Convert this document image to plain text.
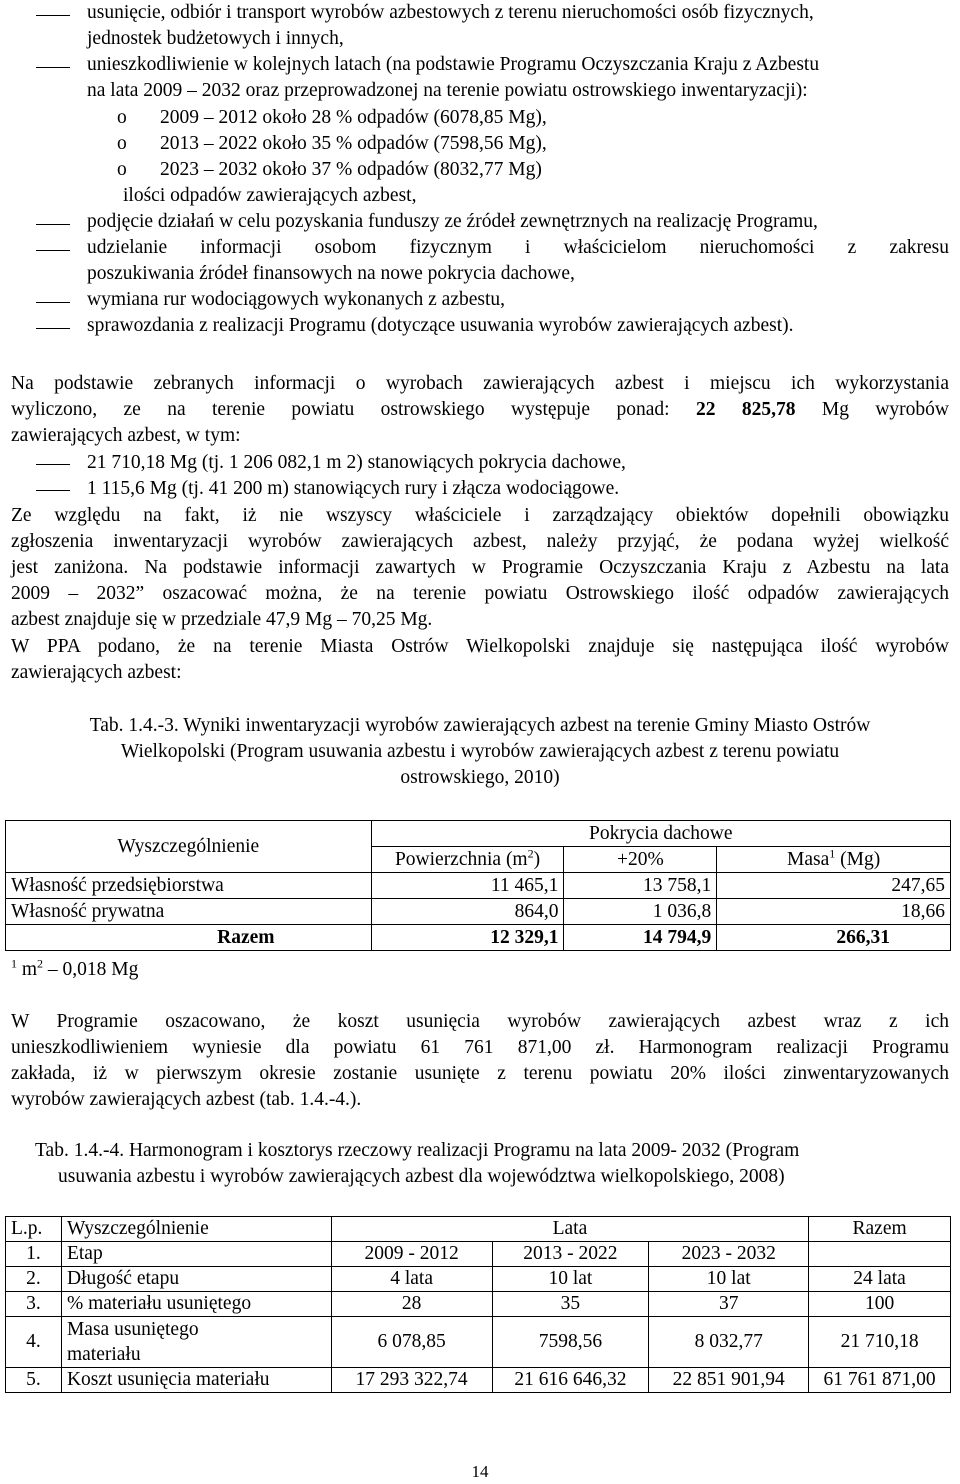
usunięcie, odbiór i transport wyrobów azbestowych z terenu nieruchomości osób fizycznych,
jednostek budżetowych i innych,
unieszkodliwienie w kolejnych latach (na podstawie Programu Oczyszczania Kraju z Azbestu
na lata 2009 – 2032 oraz przeprowadzonej na terenie powiatu ostrowskiego inwentaryzacji):
o 2009 – 2012 około 28 % odpadów (6078,85 Mg),
o 2013 – 2022 około 35 % odpadów (7598,56 Mg),
o 2023 – 2032 około 37 % odpadów (8032,77 Mg)
ilości odpadów zawierających azbest,
podjęcie działań w celu pozyskania funduszy ze źródeł zewnętrznych na realizację Programu,
udzielanie informacji osobom fizycznym i właścicielom nieruchomości z zakresu
poszukiwania źródeł finansowych na nowe pokrycia dachowe,
wymiana rur wodociągowych wykonanych z azbestu,
sprawozdania z realizacji Programu (dotyczące usuwania wyrobów zawierających azbest).
Na podstawie zebranych informacji o wyrobach zawierających azbest i miejscu ich wykorzystania
wyliczono, ze na terenie powiatu ostrowskiego występuje ponad: 22 825,78 Mg wyrobów
zawierających azbest, w tym:
21 710,18 Mg (tj. 1 206 082,1 m 2) stanowiących pokrycia dachowe,
1 115,6 Mg (tj. 41 200 m) stanowiących rury i złącza wodociągowe.
Ze względu na fakt, iż nie wszyscy właściciele i zarządzający obiektów dopełnili obowiązku
zgłoszenia inwentaryzacji wyrobów zawierających azbest, należy przyjąć, że podana wyżej wielkość
jest zaniżona. Na podstawie informacji zawartych w Programie Oczyszczania Kraju z Azbestu na lata
2009 – 2032” oszacować można, że na terenie powiatu Ostrowskiego ilość odpadów zawierających
azbest znajduje się w przedziale 47,9 Mg – 70,25 Mg.
W PPA podano, że na terenie Miasta Ostrów Wielkopolski znajduje się następująca ilość wyrobów
zawierających azbest:
Tab. 1.4.-3. Wyniki inwentaryzacji wyrobów zawierających azbest na terenie Gminy Miasto Ostrów
Wielkopolski (Program usuwania azbestu i wyrobów zawierających azbest z terenu powiatu
ostrowskiego, 2010)
Wyszczególnienie	Pokrycia dachowe		
	Powierzchnia $(m^2)$	+20%	Masa$^1$ (Mg)
Własność przedsiębiorstwa	11 465,1	13 758,1	247,65
Własność prywatna	864,0	1 036,8	18,66
Razem	12 329,1	14 794,9	266,31
$^1$ $m^2 - 0,018$ Mg
W Programie oszacowano, że koszt usunięcia wyrobów zawierających azbest wraz z ich
unieszkodliwieniem wyniesie dla powiatu 61 761 871,00 zł. Harmonogram realizacji Programu
zakłada, iż w pierwszym okresie zostanie usunięte z terenu powiatu 20% ilości zinwentaryzowanych
wyrobów zawierających azbest (tab. 1.4.-4.).
Tab. 1.4.-4. Harmonogram i kosztorys rzeczowy realizacji Programu na lata 2009- 2032 (Program
usuwania azbestu i wyrobów zawierających azbest dla województwa wielkopolskiego, 2008)
L.p.	Wyszczególnienie	Lata			Razem
1.	Etap	2009 - 2012	2013 - 2022	2023 - 2032	
2.	Długość etapu	4 lata	10 lat	10 lat	24 lata
3.	% materiału usuniętego	28	35	37	100
4.	Masa usuniętego
materiału	6 078,85	7598,56	8 032,77	21 710,18
5.	Koszt usunięcia materiału	17 293 322,74	21 616 646,32	22 851 901,94	61 761 871,00
14
